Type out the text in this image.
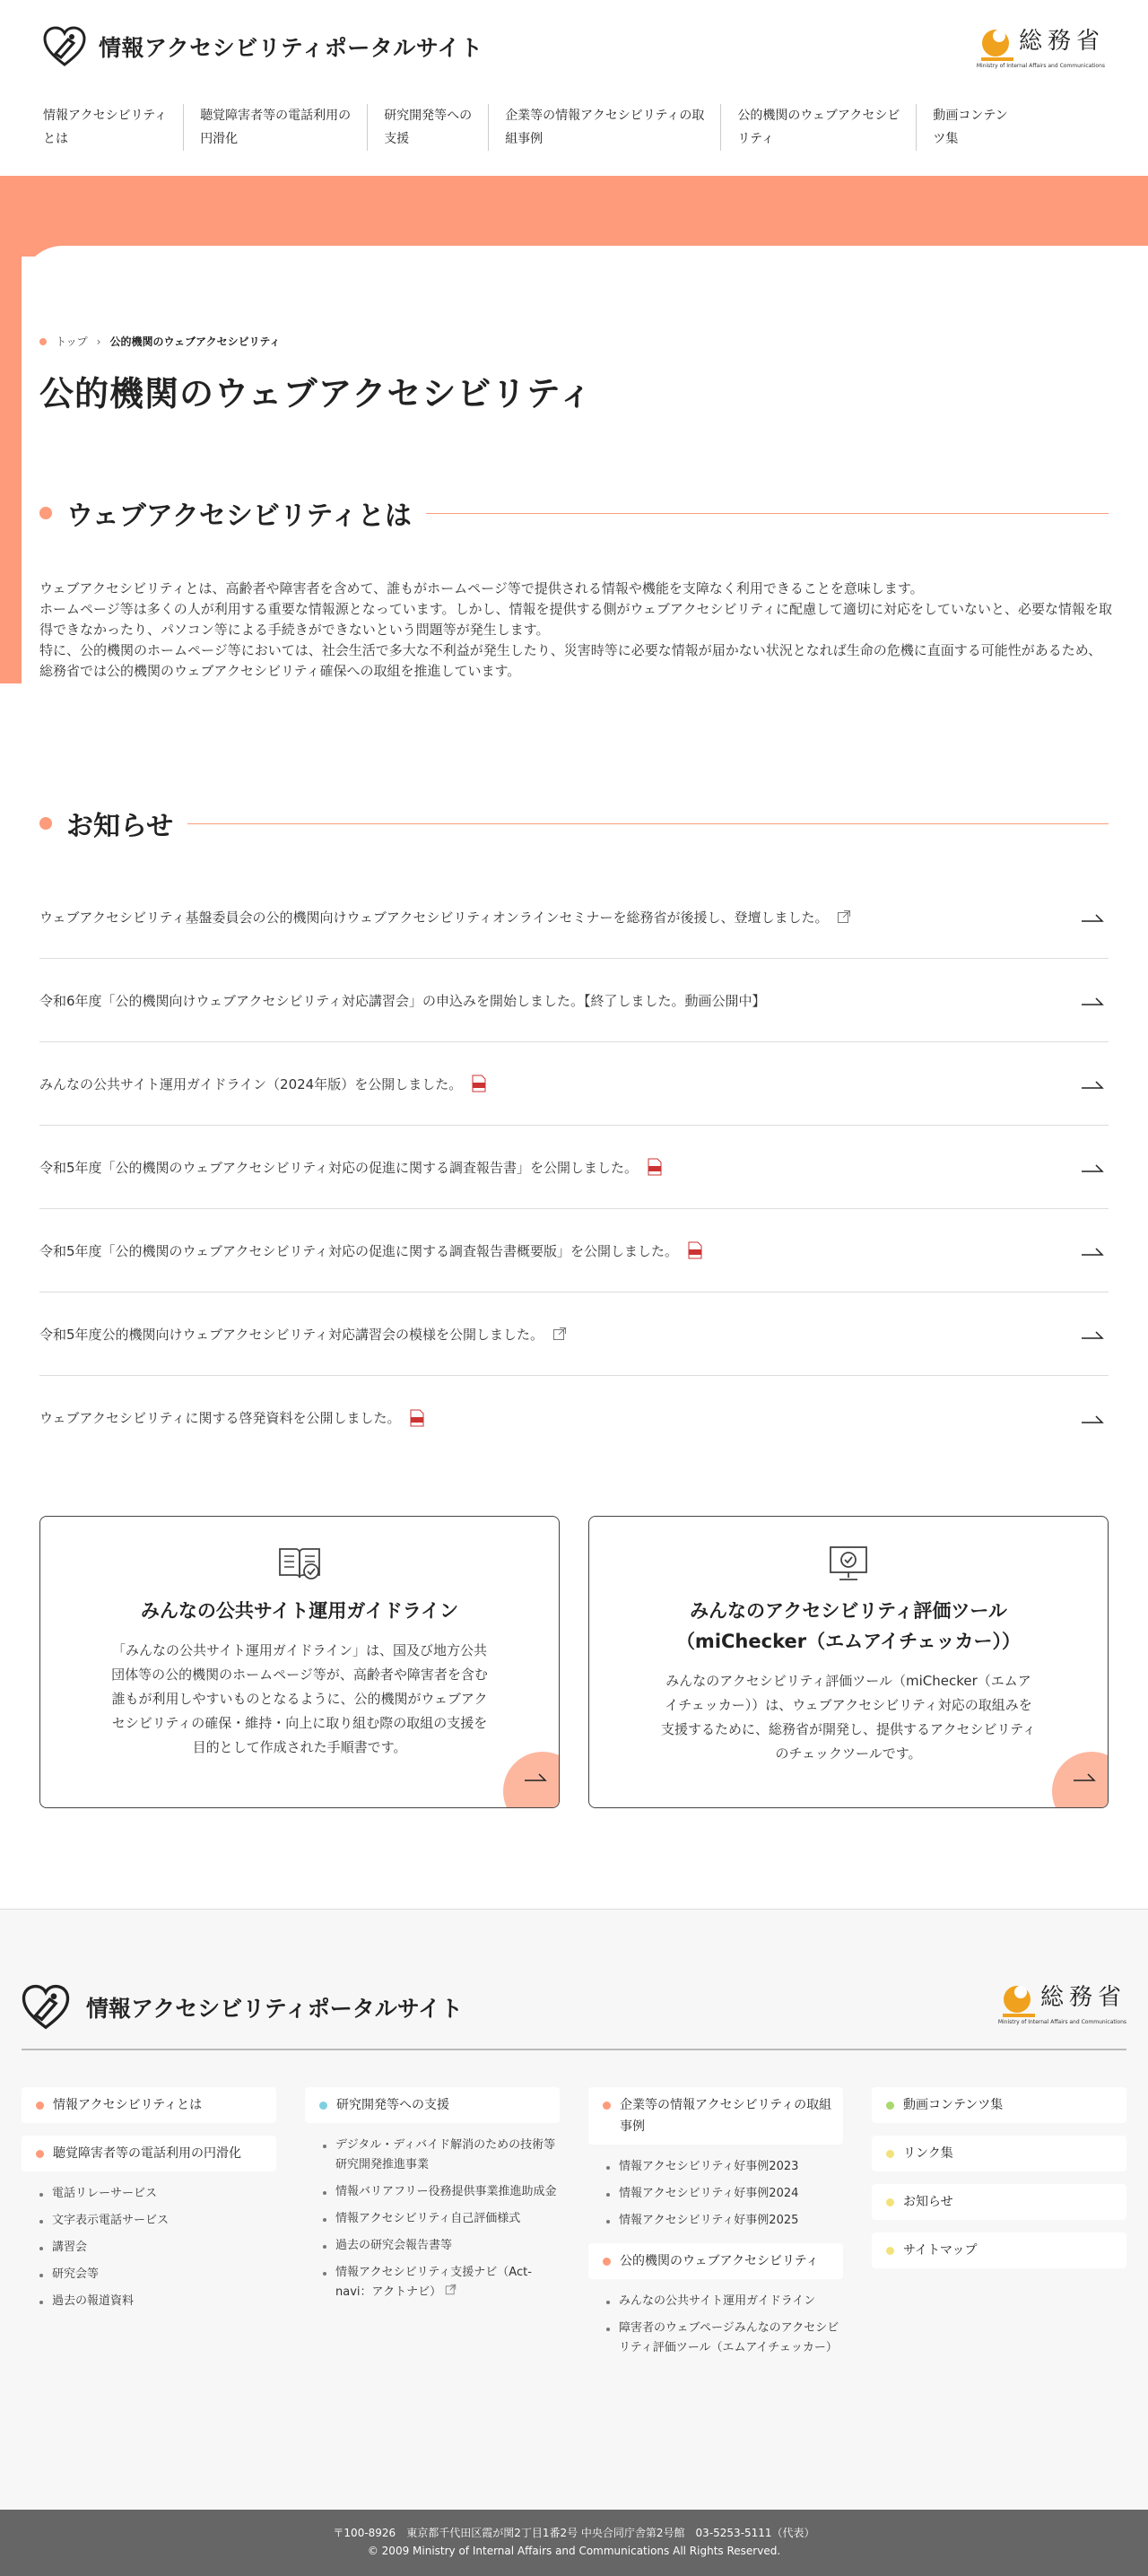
情報アクセシビリティポータルサイト	総務省
Ministry of Internal Affairs and Communications
情報アクセシビリティ
とは
聴覚障害者等の電話利用の
円滑化
研究開発等への
支援
企業等の情報アクセシビリティの取
組事例
公的機関のウェブアクセシビ
リティ
動画コンテン
ツ集
トップ › 公的機関のウェブアクセシビリティ
公的機関のウェブアクセシビリティ
ウェブアクセシビリティとは

ウェブアクセシビリティとは、高齢者や障害者を含めて、誰もがホームページ等で提供される情報や機能を支障なく利用できることを意味します。

ホームページ等は多くの人が利用する重要な情報源となっています。しかし、情報を提供する側がウェブアクセシビリティに配慮して適切に対応をしていないと、必要な情報を取得できなかったり、パソコン等による手続きができないという問題等が発生します。

特に、公的機関のホームページ等においては、社会生活で多大な不利益が発生したり、災害時等に必要な情報が届かない状況となれば生命の危機に直面する可能性があるため、総務省では公的機関のウェブアクセシビリティ確保への取組を推進しています。

お知らせ
ウェブアクセシビリティ基盤委員会の公的機関向けウェブアクセシビリティオンラインセミナーを総務省が後援し、登壇しました。
令和6年度「公的機関向けウェブアクセシビリティ対応講習会」の申込みを開始しました。【終了しました。動画公開中】
みんなの公共サイト運用ガイドライン（2024年版）を公開しました。
令和5年度「公的機関のウェブアクセシビリティ対応の促進に関する調査報告書」を公開しました。
令和5年度「公的機関のウェブアクセシビリティ対応の促進に関する調査報告書概要版」を公開しました。
令和5年度公的機関向けウェブアクセシビリティ対応講習会の模様を公開しました。
ウェブアクセシビリティに関する啓発資料を公開しました。
みんなの公共サイト運用ガイドライン

「みんなの公共サイト運用ガイドライン」は、国及び地方公共団体等の公的機関のホームページ等が、高齢者や障害者を含む誰もが利用しやすいものとなるように、公的機関がウェブアクセシビリティの確保・維持・向上に取り組む際の取組の支援を目的として作成された手順書です。

みんなのアクセシビリティ評価ツール
（miChecker（エムアイチェッカー））

みんなのアクセシビリティ評価ツール（miChecker（エムアイチェッカー））は、ウェブアクセシビリティ対応の取組みを支援するために、総務省が開発し、提供するアクセシビリティのチェックツールです。

情報アクセシビリティポータルサイト	総務省
Ministry of Internal Affairs and Communications
情報アクセシビリティとは
聴覚障害者等の電話利用の円滑化
電話リレーサービス
文字表示電話サービス
講習会
研究会等
過去の報道資料
研究開発等への支援
デジタル・ディバイド解消のための技術等研究開発推進事業
情報バリアフリー役務提供事業推進助成金
情報アクセシビリティ自己評価様式
過去の研究会報告書等
情報アクセシビリティ支援ナビ（Act-navi：アクトナビ）
企業等の情報アクセシビリティの取組事例
情報アクセシビリティ好事例2023
情報アクセシビリティ好事例2024
情報アクセシビリティ好事例2025
公的機関のウェブアクセシビリティ
みんなの公共サイト運用ガイドライン
障害者のウェブページみんなのアクセシビリティ評価ツール（エムアイチェッカー）
動画コンテンツ集
リンク集
お知らせ
サイトマップ
〒100-8926　東京都千代田区霞が関2丁目1番2号 中央合同庁舎第2号館　03-5253-5111（代表）
© 2009 Ministry of Internal Affairs and Communications All Rights Reserved.
